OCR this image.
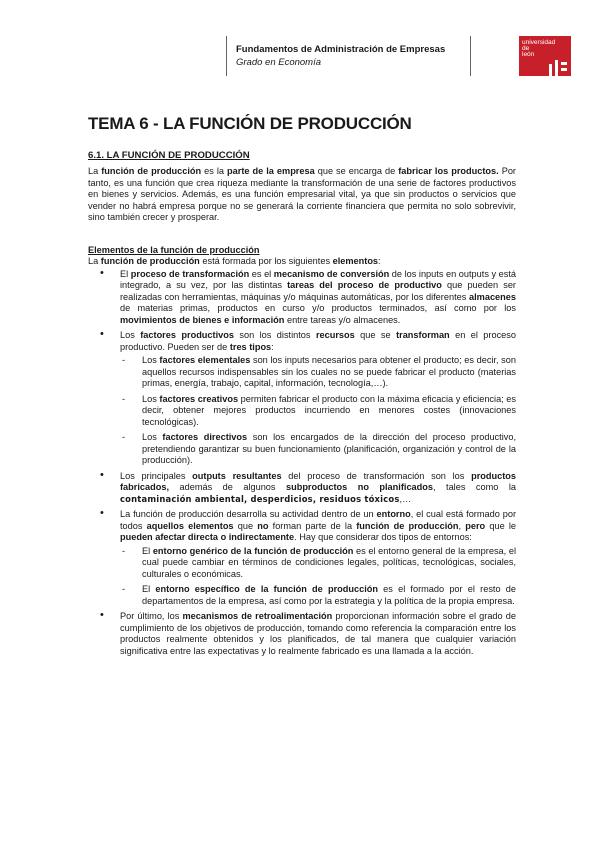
Fundamentos de Administración de Empresas
Grado en Economía
universidad
de
león
TEMA 6 - LA FUNCIÓN DE PRODUCCIÓN
6.1. LA FUNCIÓN DE PRODUCCIÓN

La función de producción es la parte de la empresa que se encarga de fabricar los productos. Por tanto, es una función que crea riqueza mediante la transformación de una serie de factores productivos en bienes y servicios. Además, es una función empresarial vital, ya que sin productos o servicios que vender no habrá empresa porque no se generará la corriente financiera que permita no solo sobrevivir, sino también crecer y prosperar.

Elementos de la función de producción

La función de producción está formada por los siguientes elementos:

• El proceso de transformación es el mecanismo de conversión de los inputs en outputs y está integrado, a su vez, por las distintas tareas del proceso de productivo que pueden ser realizadas con herramientas, máquinas y/o máquinas automáticas, por los diferentes almacenes de materias primas, productos en curso y/o productos terminados, así como por los movimientos de bienes e información entre tareas y/o almacenes.
• Los factores productivos son los distintos recursos que se transforman en el proceso productivo. Pueden ser de tres tipos:
- Los factores elementales son los inputs necesarios para obtener el producto; es decir, son aquellos recursos indispensables sin los cuales no se puede fabricar el producto (materias primas, energía, trabajo, capital, información, tecnología,…).
- Los factores creativos permiten fabricar el producto con la máxima eficacia y eficiencia; es decir, obtener mejores productos incurriendo en menores costes (innovaciones tecnológicas).
- Los factores directivos son los encargados de la dirección del proceso productivo, pretendiendo garantizar su buen funcionamiento (planificación, organización y control de la producción).
• Los principales outputs resultantes del proceso de transformación son los productos fabricados, además de algunos subproductos no planificados, tales como la contaminación ambiental, desperdicios, residuos tóxicos,…
• La función de producción desarrolla su actividad dentro de un entorno, el cual está formado por todos aquellos elementos que no forman parte de la función de producción, pero que le pueden afectar directa o indirectamente. Hay que considerar dos tipos de entornos:
- El entorno genérico de la función de producción es el entorno general de la empresa, el cual puede cambiar en términos de condiciones legales, políticas, tecnológicas, sociales, culturales o económicas.
- El entorno específico de la función de producción es el formado por el resto de departamentos de la empresa, así como por la estrategia y la política de la propia empresa.
• Por último, los mecanismos de retroalimentación proporcionan información sobre el grado de cumplimiento de los objetivos de producción, tomando como referencia la comparación entre los productos realmente obtenidos y los planificados, de tal manera que cualquier variación significativa entre las expectativas y lo realmente fabricado es una llamada a la acción.
